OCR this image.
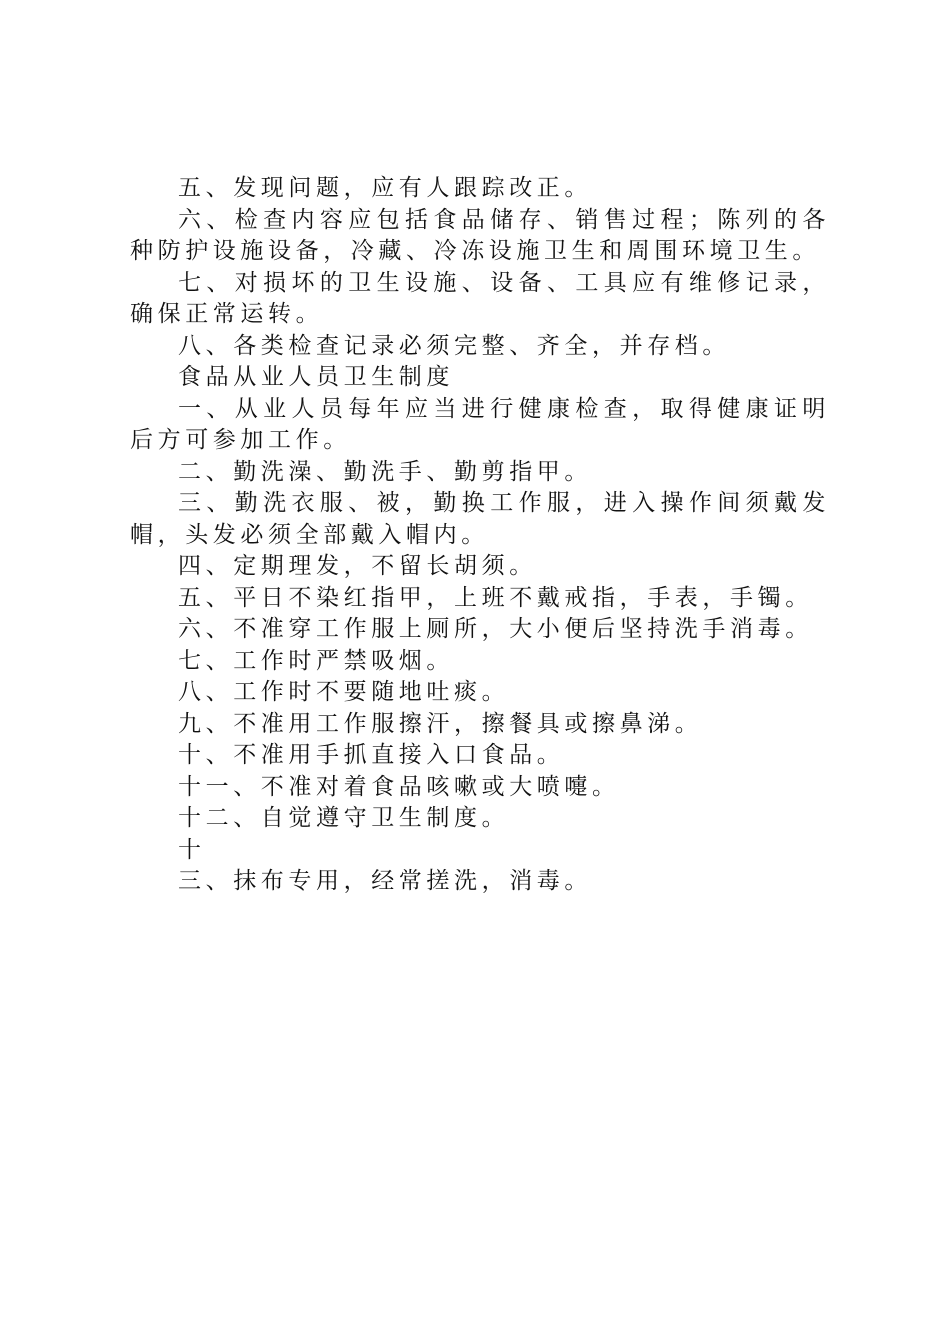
五、发现问题，应有人跟踪改正。

六、检查内容应包括食品储存、销售过程；陈列的各种防护设施设备，冷藏、冷冻设施卫生和周围环境卫生。

七、对损坏的卫生设施、设备、工具应有维修记录，确保正常运转。

八、各类检查记录必须完整、齐全，并存档。

食品从业人员卫生制度

一、从业人员每年应当进行健康检查，取得健康证明后方可参加工作。

二、勤洗澡、勤洗手、勤剪指甲。

三、勤洗衣服、被，勤换工作服，进入操作间须戴发帽，头发必须全部戴入帽内。

四、定期理发，不留长胡须。

五、平日不染红指甲，上班不戴戒指，手表，手镯。

六、不准穿工作服上厕所，大小便后坚持洗手消毒。

七、工作时严禁吸烟。

八、工作时不要随地吐痰。

九、不准用工作服擦汗，擦餐具或擦鼻涕。

十、不准用手抓直接入口食品。

十一、不准对着食品咳嗽或大喷嚏。

十二、自觉遵守卫生制度。

十

三、抹布专用，经常搓洗，消毒。
